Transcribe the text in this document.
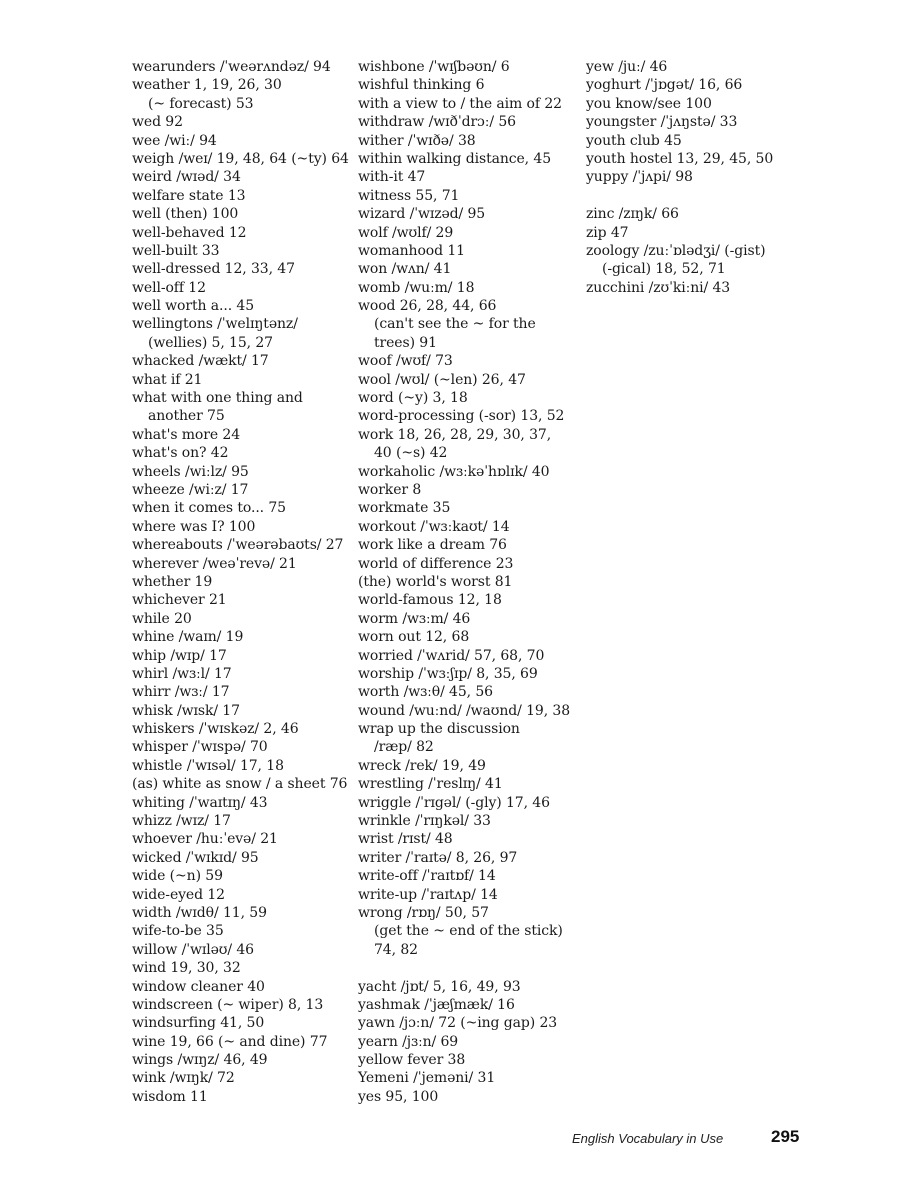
wearunders /ˈweərʌndəz/ 94
weather 1, 19, 26, 30
(~ forecast) 53
wed 92
wee /wiː/ 94
weigh /weɪ/ 19, 48, 64 (~ty) 64
weird /wɪəd/ 34
welfare state 13
well (then) 100
well-behaved 12
well-built 33
well-dressed 12, 33, 47
well-off 12
well worth a... 45
wellingtons /ˈwelɪŋtənz/
(wellies) 5, 15, 27
whacked /wækt/ 17
what if 21
what with one thing and
another 75
what's more 24
what's on? 42
wheels /wiːlz/ 95
wheeze /wiːz/ 17
when it comes to... 75
where was I? 100
whereabouts /ˈweərəbaʊts/ 27
wherever /weəˈrevə/ 21
whether 19
whichever 21
while 20
whine /waɪn/ 19
whip /wɪp/ 17
whirl /wɜːl/ 17
whirr /wɜː/ 17
whisk /wɪsk/ 17
whiskers /ˈwɪskəz/ 2, 46
whisper /ˈwɪspə/ 70
whistle /ˈwɪsəl/ 17, 18
(as) white as snow / a sheet 76
whiting /ˈwaɪtɪŋ/ 43
whizz /wɪz/ 17
whoever /huːˈevə/ 21
wicked /ˈwɪkɪd/ 95
wide (~n) 59
wide-eyed 12
width /wɪdθ/ 11, 59
wife-to-be 35
willow /ˈwɪləʊ/ 46
wind 19, 30, 32
window cleaner 40
windscreen (~ wiper) 8, 13
windsurfing 41, 50
wine 19, 66 (~ and dine) 77
wings /wɪŋz/ 46, 49
wink /wɪŋk/ 72
wisdom 11
wishbone /ˈwɪʃbəʊn/ 6
wishful thinking 6
with a view to / the aim of 22
withdraw /wɪðˈdrɔː/ 56
wither /ˈwɪðə/ 38
within walking distance, 45
with-it 47
witness 55, 71
wizard /ˈwɪzəd/ 95
wolf /wʊlf/ 29
womanhood 11
won /wʌn/ 41
womb /wuːm/ 18
wood 26, 28, 44, 66
(can't see the ~ for the
trees) 91
woof /wʊf/ 73
wool /wʊl/ (~len) 26, 47
word (~y) 3, 18
word-processing (-sor) 13, 52
work 18, 26, 28, 29, 30, 37,
40 (~s) 42
workaholic /wɜːkəˈhɒlɪk/ 40
worker 8
workmate 35
workout /ˈwɜːkaʊt/ 14
work like a dream 76
world of difference 23
(the) world's worst 81
world-famous 12, 18
worm /wɜːm/ 46
worn out 12, 68
worried /ˈwʌrid/ 57, 68, 70
worship /ˈwɜːʃɪp/ 8, 35, 69
worth /wɜːθ/ 45, 56
wound /wuːnd/ /waʊnd/ 19, 38
wrap up the discussion
/ræp/ 82
wreck /rek/ 19, 49
wrestling /ˈreslɪŋ/ 41
wriggle /ˈrɪgəl/ (-gly) 17, 46
wrinkle /ˈrɪŋkəl/ 33
wrist /rɪst/ 48
writer /ˈraɪtə/ 8, 26, 97
write-off /ˈraɪtɒf/ 14
write-up /ˈraɪtʌp/ 14
wrong /rɒŋ/ 50, 57
(get the ~ end of the stick)
74, 82
yacht /jɒt/ 5, 16, 49, 93
yashmak /ˈjæʃmæk/ 16
yawn /jɔːn/ 72 (~ing gap) 23
yearn /jɜːn/ 69
yellow fever 38
Yemeni /ˈjeməni/ 31
yes 95, 100
yew /juː/ 46
yoghurt /ˈjɒgət/ 16, 66
you know/see 100
youngster /ˈjʌŋstə/ 33
youth club 45
youth hostel 13, 29, 45, 50
yuppy /ˈjʌpi/ 98
zinc /zɪŋk/ 66
zip 47
zoology /zuːˈɒlədʒi/ (-gist)
(-gical) 18, 52, 71
zucchini /zʊˈkiːni/ 43
English Vocabulary in Use	295
